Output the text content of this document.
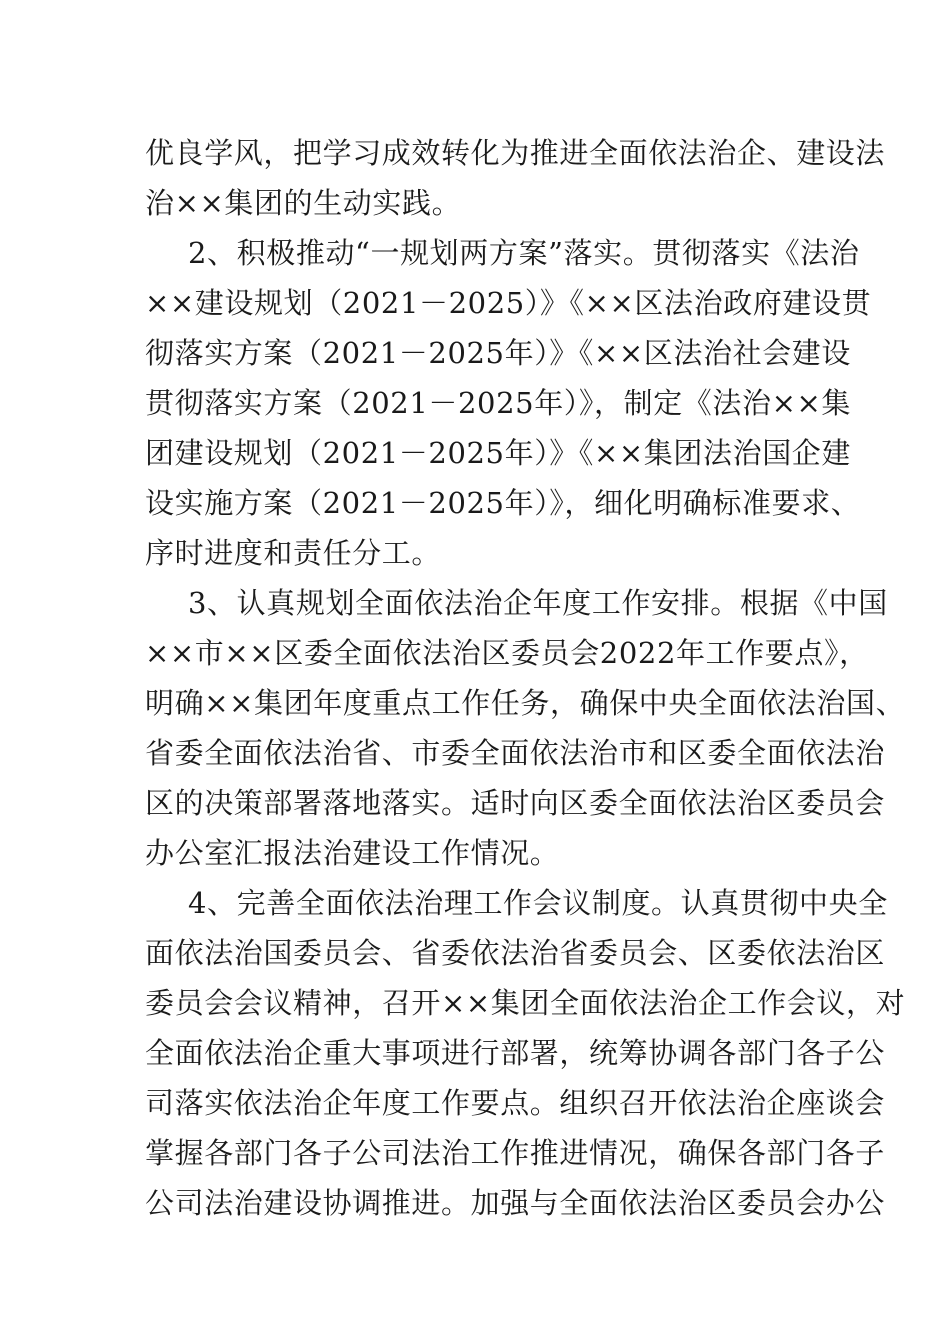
优良学风，把学习成效转化为推进全面依法治企、建设法
治××集团的生动实践。
2、积极推动“一规划两方案”落实。贯彻落实《法治
××建设规划（2021－2025）》《××区法治政府建设贯
彻落实方案（2021－2025年）》《××区法治社会建设
贯彻落实方案（2021－2025年）》，制定《法治××集
团建设规划（2021－2025年）》《××集团法治国企建
设实施方案（2021－2025年）》，细化明确标准要求、
序时进度和责任分工。
3、认真规划全面依法治企年度工作安排。根据《中国
××市××区委全面依法治区委员会2022年工作要点》，
明确××集团年度重点工作任务，确保中央全面依法治国、
省委全面依法治省、市委全面依法治市和区委全面依法治
区的决策部署落地落实。适时向区委全面依法治区委员会
办公室汇报法治建设工作情况。
4、完善全面依法治理工作会议制度。认真贯彻中央全
面依法治国委员会、省委依法治省委员会、区委依法治区
委员会会议精神，召开××集团全面依法治企工作会议，对
全面依法治企重大事项进行部署，统筹协调各部门各子公
司落实依法治企年度工作要点。组织召开依法治企座谈会
掌握各部门各子公司法治工作推进情况，确保各部门各子
公司法治建设协调推进。加强与全面依法治区委员会办公
